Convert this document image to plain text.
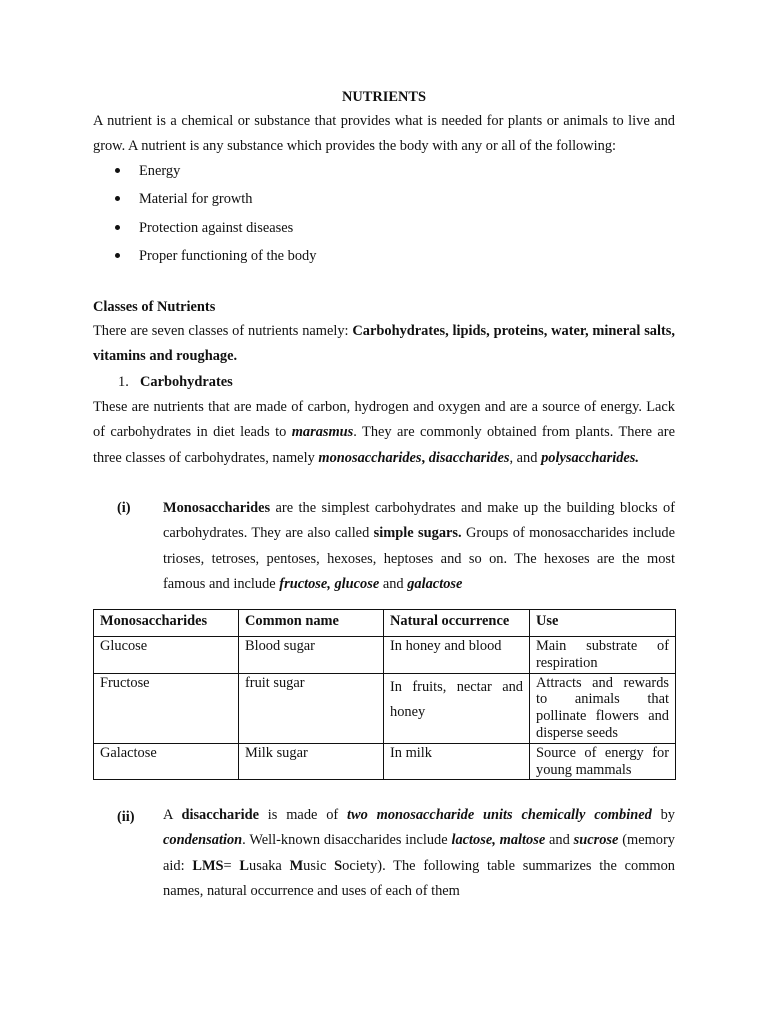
NUTRIENTS

A nutrient is a chemical or substance that provides what is needed for plants or animals to live and grow. A nutrient is any substance which provides the body with any or all of the following:

Energy
Material for growth
Protection against diseases
Proper functioning of the body
Classes of Nutrients

There are seven classes of nutrients namely: Carbohydrates, lipids, proteins, water, mineral salts, vitamins and roughage.

1. Carbohydrates

These are nutrients that are made of carbon, hydrogen and oxygen and are a source of energy. Lack of carbohydrates in diet leads to marasmus. They are commonly obtained from plants. There are three classes of carbohydrates, namely monosaccharides, disaccharides, and polysaccharides.

(i) Monosaccharides are the simplest carbohydrates and make up the building blocks of carbohydrates. They are also called simple sugars. Groups of monosaccharides include trioses, tetroses, pentoses, hexoses, heptoses and so on. The hexoses are the most famous and include fructose, glucose and galactose

Monosaccharides	Common name	Natural occurrence	Use
Glucose	Blood sugar	In honey and blood	Main substrate of respiration
Fructose	fruit sugar	In fruits, nectar and honey	Attracts and rewards to animals that pollinate flowers and disperse seeds
Galactose	Milk sugar	In milk	Source of energy for young mammals
(ii) A disaccharide is made of two monosaccharide units chemically combined by condensation. Well-known disaccharides include lactose, maltose and sucrose (memory aid: LMS= Lusaka Music Society). The following table summarizes the common names, natural occurrence and uses of each of them
